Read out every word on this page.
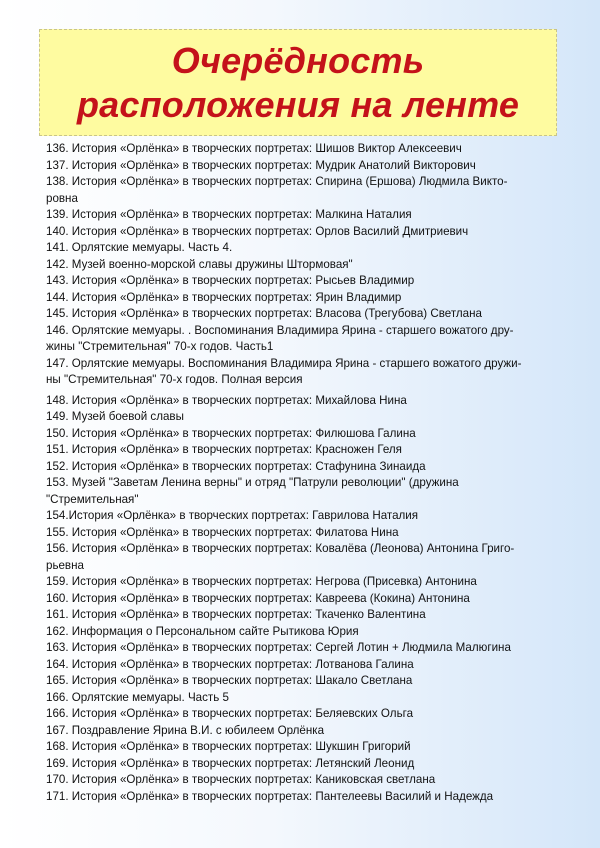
Очерёдность
расположения на ленте
136. История «Орлёнка» в творческих портретах: Шишов Виктор Алексеевич
137. История «Орлёнка» в творческих портретах: Мудрик Анатолий Викторович
138. История «Орлёнка» в творческих портретах: Спирина (Ершова) Людмила Викто-
ровна
139. История «Орлёнка» в творческих портретах: Малкина Наталия
140. История «Орлёнка» в творческих портретах: Орлов Василий Дмитриевич
141. Орлятские мемуары. Часть 4.
142. Музей военно-морской славы дружины Штормовая"
143. История «Орлёнка» в творческих портретах: Рысьев Владимир
144. История «Орлёнка» в творческих портретах: Ярин Владимир
145. История «Орлёнка» в творческих портретах: Власова (Трегубова) Светлана
146. Орлятские мемуары. . Воспоминания Владимира Ярина - старшего вожатого дру-
жины "Стремительная" 70-х годов. Часть1
147. Орлятские мемуары. Воспоминания Владимира Ярина - старшего вожатого дружи-
ны "Стремительная" 70-х годов. Полная версия
148. История «Орлёнка» в творческих портретах: Михайлова Нина
149. Музей боевой славы
150. История «Орлёнка» в творческих портретах: Филюшова Галина
151. История «Орлёнка» в творческих портретах: Красножен Геля
152. История «Орлёнка» в творческих портретах: Стафунина Зинаида
153. Музей "Заветам Ленина верны" и отряд "Патрули революции" (дружина
"Стремительная"
154.История «Орлёнка» в творческих портретах: Гаврилова Наталия
155. История «Орлёнка» в творческих портретах: Филатова Нина
156. История «Орлёнка» в творческих портретах: Ковалёва (Леонова) Антонина Григо-
рьевна
159. История «Орлёнка» в творческих портретах: Негрова (Присевка) Антонина
160. История «Орлёнка» в творческих портретах: Кавреева (Кокина) Антонина
161. История «Орлёнка» в творческих портретах: Ткаченко Валентина
162. Информация о Персональном сайте Рытикова Юрия
163. История «Орлёнка» в творческих портретах: Сергей Лотин + Людмила Малюгина
164. История «Орлёнка» в творческих портретах: Лотванова Галина
165. История «Орлёнка» в творческих портретах: Шакало Светлана
166. Орлятские мемуары. Часть 5
166. История «Орлёнка» в творческих портретах: Беляевских Ольга
167. Поздравление Ярина В.И. с юбилеем Орлёнка
168. История «Орлёнка» в творческих портретах: Шукшин Григорий
169. История «Орлёнка» в творческих портретах: Летянский Леонид
170. История «Орлёнка» в творческих портретах: Каниковская светлана
171. История «Орлёнка» в творческих портретах: Пантелеевы Василий и Надежда
